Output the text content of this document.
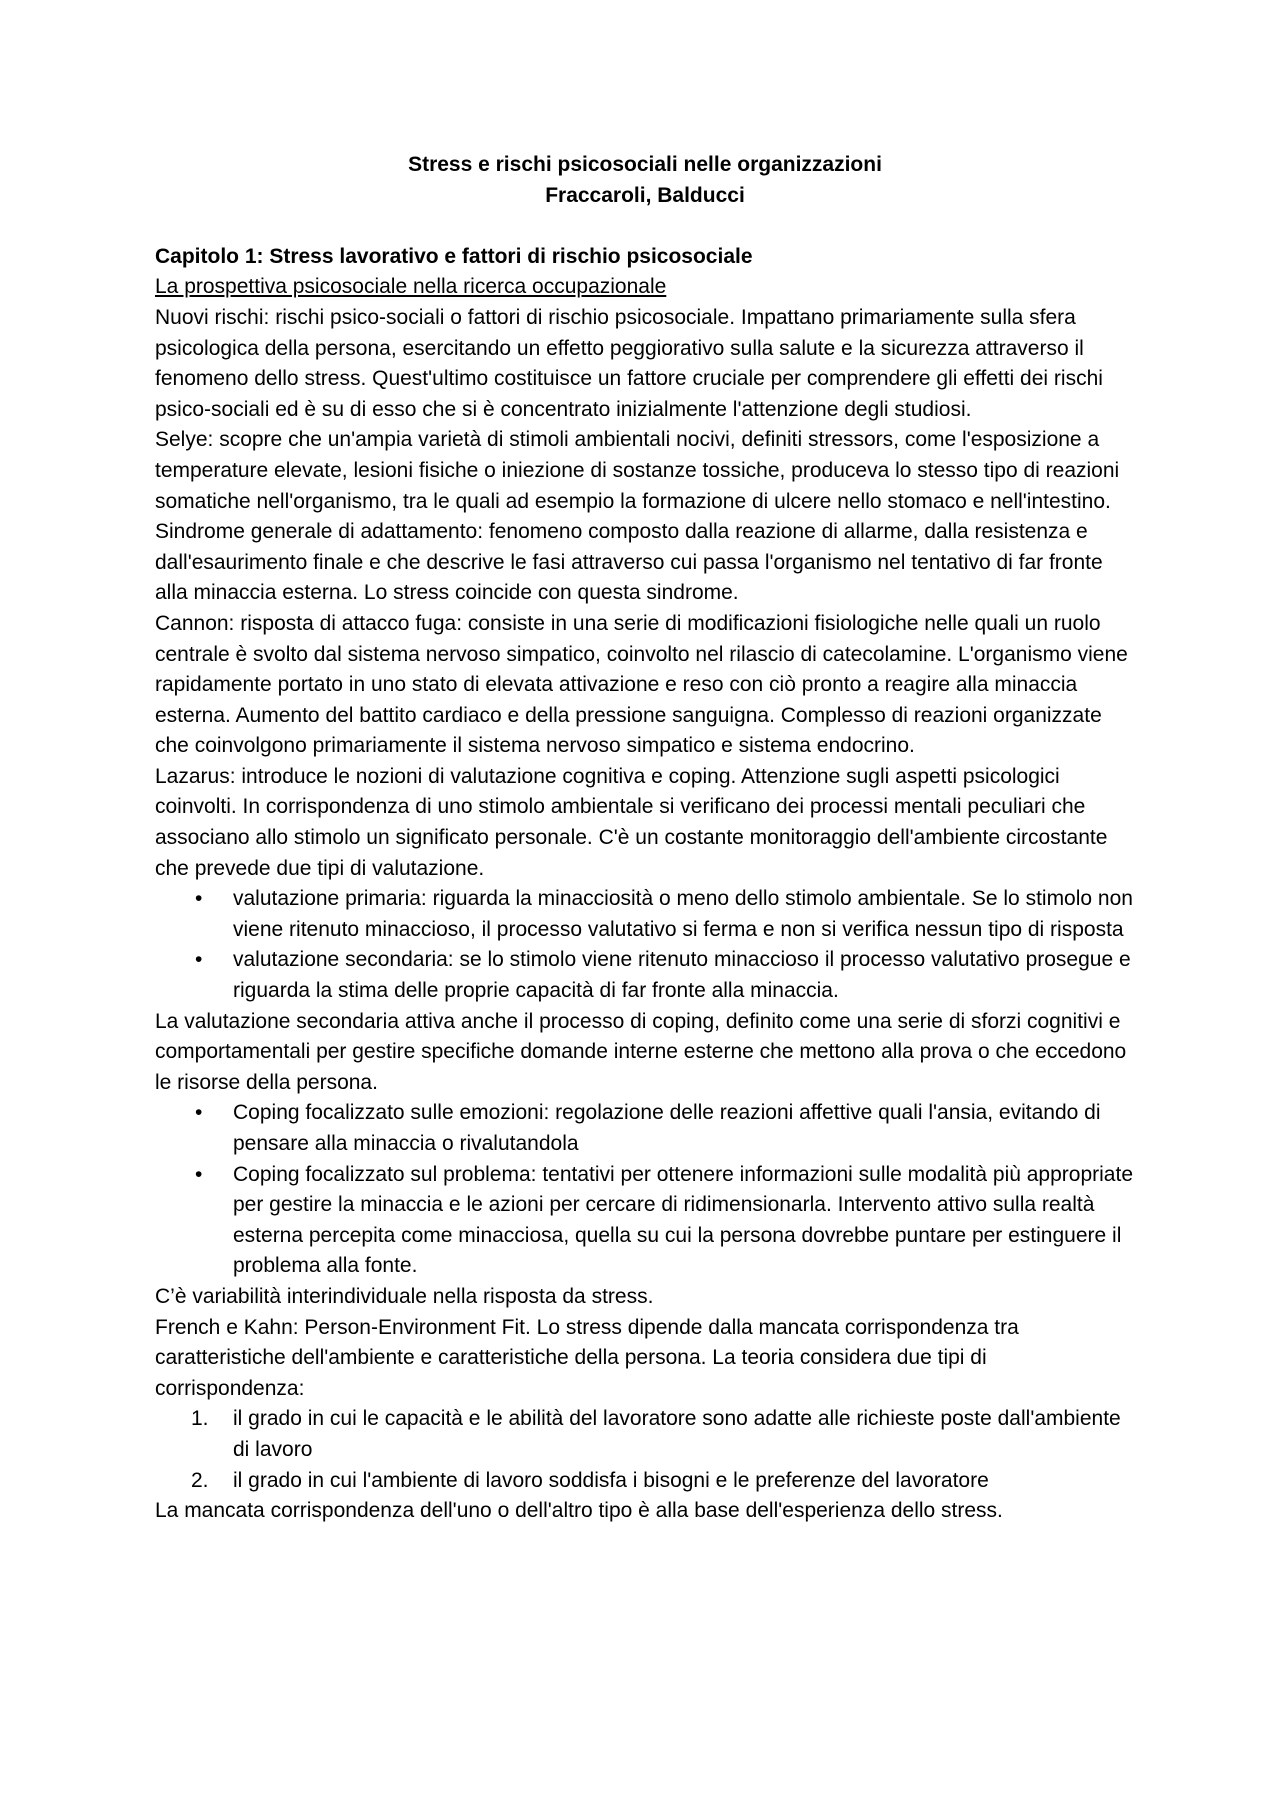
Stress e rischi psicosociali nelle organizzazioni
Fraccaroli, Balducci
Capitolo 1: Stress lavorativo e fattori di rischio psicosociale
La prospettiva psicosociale nella ricerca occupazionale

Nuovi rischi: rischi psico-sociali o fattori di rischio psicosociale. Impattano primariamente sulla sfera psicologica della persona, esercitando un effetto peggiorativo sulla salute e la sicurezza attraverso il fenomeno dello stress. Quest'ultimo costituisce un fattore cruciale per comprendere gli effetti dei rischi psico-sociali ed è su di esso che si è concentrato inizialmente l'attenzione degli studiosi.

Selye: scopre che un'ampia varietà di stimoli ambientali nocivi, definiti stressors, come l'esposizione a temperature elevate, lesioni fisiche o iniezione di sostanze tossiche, produceva lo stesso tipo di reazioni somatiche nell'organismo, tra le quali ad esempio la formazione di ulcere nello stomaco e nell'intestino. Sindrome generale di adattamento: fenomeno composto dalla reazione di allarme, dalla resistenza e dall'esaurimento finale e che descrive le fasi attraverso cui passa l'organismo nel tentativo di far fronte alla minaccia esterna. Lo stress coincide con questa sindrome.

Cannon: risposta di attacco fuga: consiste in una serie di modificazioni fisiologiche nelle quali un ruolo centrale è svolto dal sistema nervoso simpatico, coinvolto nel rilascio di catecolamine. L'organismo viene rapidamente portato in uno stato di elevata attivazione e reso con ciò pronto a reagire alla minaccia esterna. Aumento del battito cardiaco e della pressione sanguigna. Complesso di reazioni organizzate che coinvolgono primariamente il sistema nervoso simpatico e sistema endocrino.

Lazarus: introduce le nozioni di valutazione cognitiva e coping. Attenzione sugli aspetti psicologici coinvolti. In corrispondenza di uno stimolo ambientale si verificano dei processi mentali peculiari che associano allo stimolo un significato personale. C'è un costante monitoraggio dell'ambiente circostante che prevede due tipi di valutazione.

• valutazione primaria: riguarda la minacciosità o meno dello stimolo ambientale. Se lo stimolo non viene ritenuto minaccioso, il processo valutativo si ferma e non si verifica nessun tipo di risposta
• valutazione secondaria: se lo stimolo viene ritenuto minaccioso il processo valutativo prosegue e riguarda la stima delle proprie capacità di far fronte alla minaccia.

La valutazione secondaria attiva anche il processo di coping, definito come una serie di sforzi cognitivi e comportamentali per gestire specifiche domande interne esterne che mettono alla prova o che eccedono le risorse della persona.

• Coping focalizzato sulle emozioni: regolazione delle reazioni affettive quali l'ansia, evitando di pensare alla minaccia o rivalutandola
• Coping focalizzato sul problema: tentativi per ottenere informazioni sulle modalità più appropriate per gestire la minaccia e le azioni per cercare di ridimensionarla. Intervento attivo sulla realtà esterna percepita come minacciosa, quella su cui la persona dovrebbe puntare per estinguere il problema alla fonte.

C’è variabilità interindividuale nella risposta da stress.

French e Kahn: Person-Environment Fit. Lo stress dipende dalla mancata corrispondenza tra caratteristiche dell'ambiente e caratteristiche della persona. La teoria considera due tipi di corrispondenza:

1. il grado in cui le capacità e le abilità del lavoratore sono adatte alle richieste poste dall'ambiente di lavoro
2. il grado in cui l'ambiente di lavoro soddisfa i bisogni e le preferenze del lavoratore

La mancata corrispondenza dell'uno o dell'altro tipo è alla base dell'esperienza dello stress.
